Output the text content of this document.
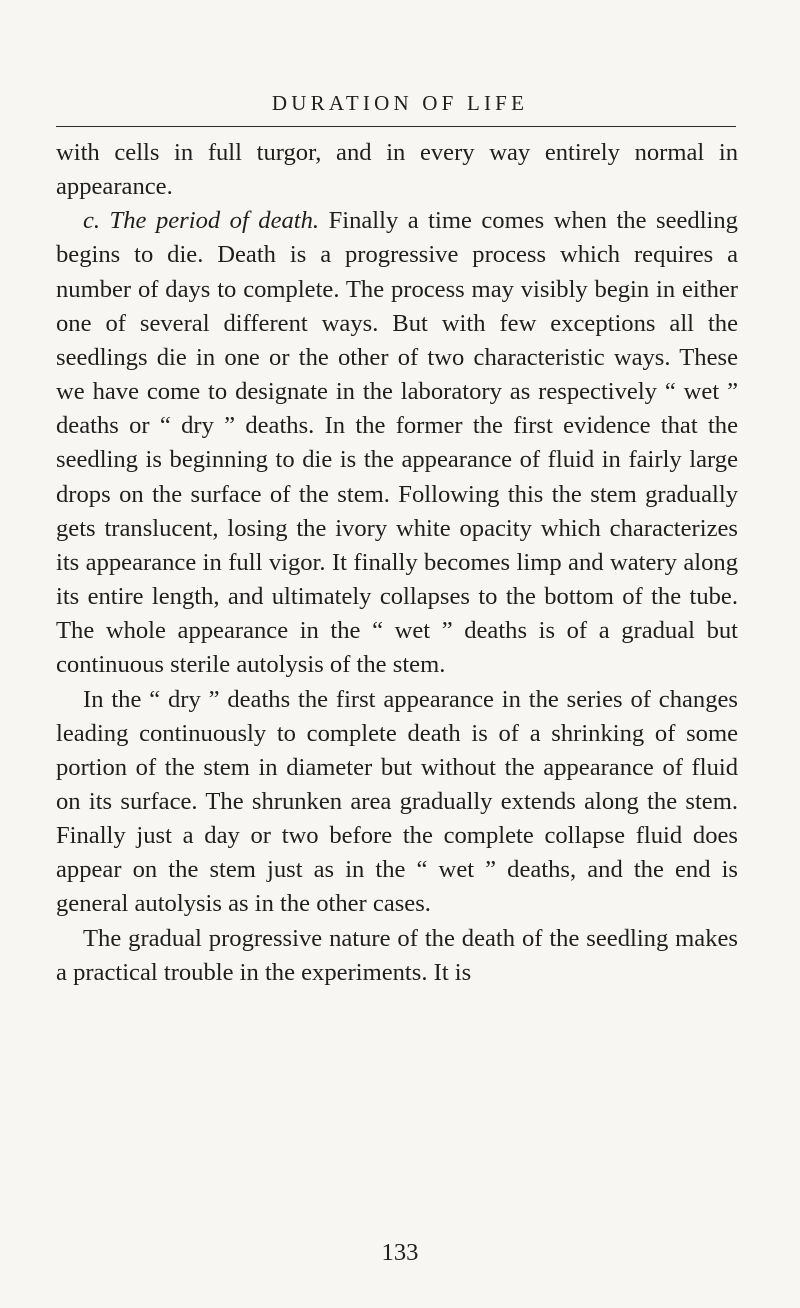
DURATION OF LIFE

with cells in full turgor, and in every way entirely normal in appearance.

c. The period of death. Finally a time comes when the seedling begins to die. Death is a progressive process which requires a number of days to complete. The process may visibly begin in either one of several different ways. But with few exceptions all the seedlings die in one or the other of two characteristic ways. These we have come to designate in the laboratory as respectively “ wet ” deaths or “ dry ” deaths. In the former the first evidence that the seedling is beginning to die is the appearance of fluid in fairly large drops on the surface of the stem. Following this the stem gradually gets translucent, losing the ivory white opacity which characterizes its appearance in full vigor. It finally becomes limp and watery along its entire length, and ultimately collapses to the bottom of the tube. The whole appearance in the “ wet ” deaths is of a gradual but continuous sterile autolysis of the stem.

In the “ dry ” deaths the first appearance in the series of changes leading continuously to complete death is of a shrinking of some portion of the stem in diameter but without the appearance of fluid on its surface. The shrunken area gradually extends along the stem. Finally just a day or two before the complete collapse fluid does appear on the stem just as in the “ wet ” deaths, and the end is general autolysis as in the other cases.

The gradual progressive nature of the death of the seedling makes a practical trouble in the experiments. It is

133
